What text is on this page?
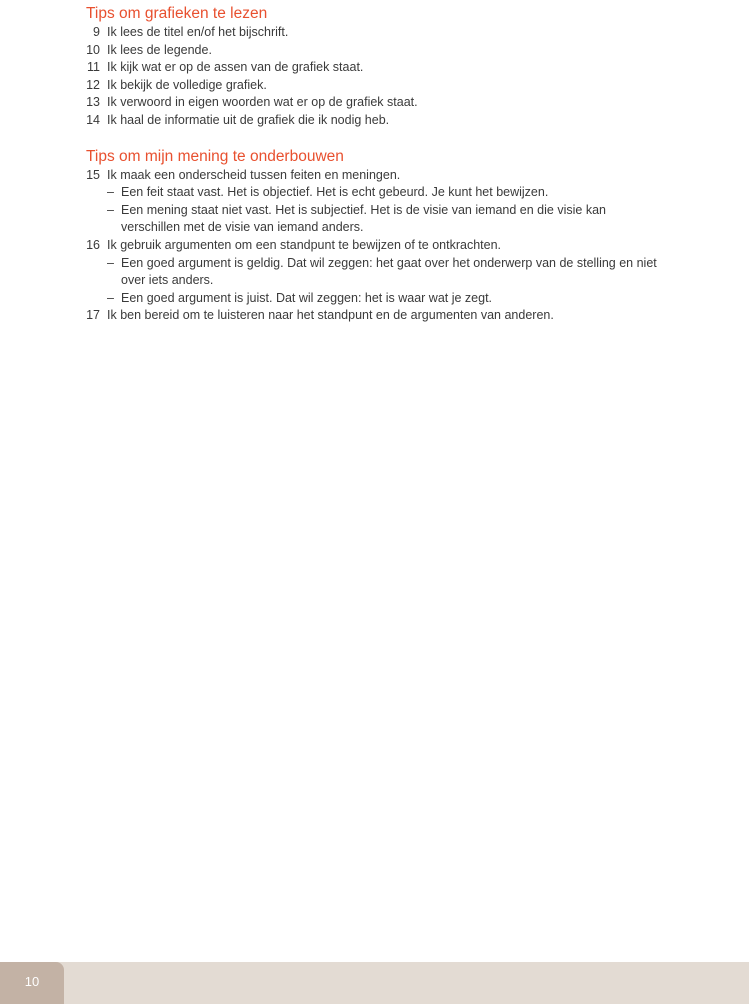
Tips om grafieken te lezen
9 Ik lees de titel en/of het bijschrift.
10 Ik lees de legende.
11 Ik kijk wat er op de assen van de grafiek staat.
12 Ik bekijk de volledige grafiek.
13 Ik verwoord in eigen woorden wat er op de grafiek staat.
14 Ik haal de informatie uit de grafiek die ik nodig heb.
Tips om mijn mening te onderbouwen
15 Ik maak een onderscheid tussen feiten en meningen.
– Een feit staat vast. Het is objectief. Het is echt gebeurd. Je kunt het bewijzen.
– Een mening staat niet vast. Het is subjectief. Het is de visie van iemand en die visie kan verschillen met de visie van iemand anders.
16 Ik gebruik argumenten om een standpunt te bewijzen of te ontkrachten.
– Een goed argument is geldig. Dat wil zeggen: het gaat over het onderwerp van de stelling en niet over iets anders.
– Een goed argument is juist. Dat wil zeggen: het is waar wat je zegt.
17 Ik ben bereid om te luisteren naar het standpunt en de argumenten van anderen.
10
